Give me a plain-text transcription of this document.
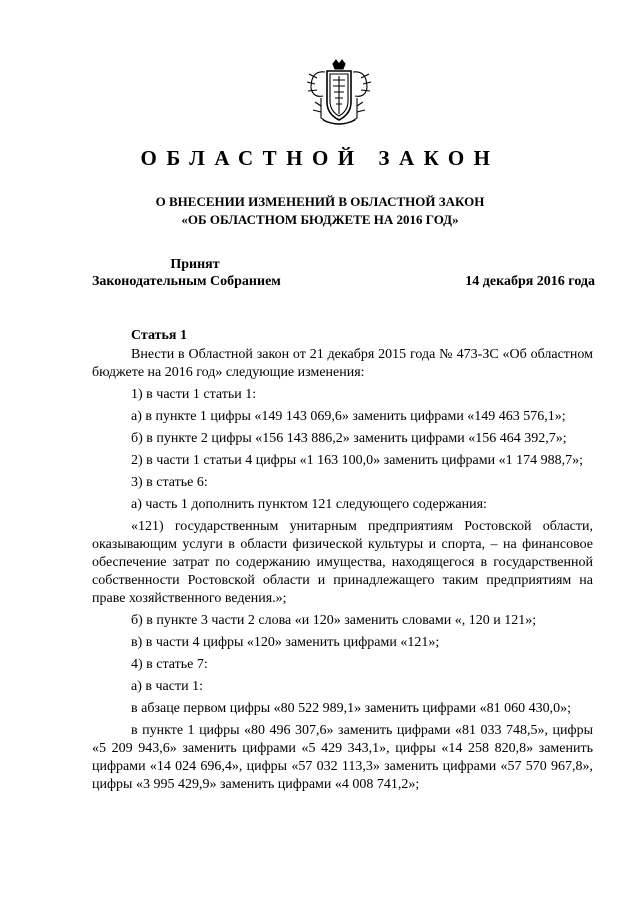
ОБЛАСТНОЙ ЗАКОН
О ВНЕСЕНИИ ИЗМЕНЕНИЙ В ОБЛАСТНОЙ ЗАКОН
«ОБ ОБЛАСТНОМ БЮДЖЕТЕ НА 2016 ГОД»
Принят
Законодательным Собранием	14 декабря 2016 года
Статья 1

Внести в Областной закон от 21 декабря 2015 года № 473-ЗС «Об областном бюджете на 2016 год» следующие изменения:

1) в части 1 статьи 1:

а) в пункте 1 цифры «149 143 069,6» заменить цифрами «149 463 576,1»;

б) в пункте 2 цифры «156 143 886,2» заменить цифрами «156 464 392,7»;

2) в части 1 статьи 4 цифры «1 163 100,0» заменить цифрами «1 174 988,7»;

3) в статье 6:

а) часть 1 дополнить пунктом 121 следующего содержания:

«121) государственным унитарным предприятиям Ростовской области, оказывающим услуги в области физической культуры и спорта, – на финансовое обеспечение затрат по содержанию имущества, находящегося в государственной собственности Ростовской области и принадлежащего таким предприятиям на праве хозяйственного ведения.»;

б) в пункте 3 части 2 слова «и 120» заменить словами «, 120 и 121»;

в) в части 4 цифры «120» заменить цифрами «121»;

4) в статье 7:

а) в части 1:

в абзаце первом цифры «80 522 989,1» заменить цифрами «81 060 430,0»;

в пункте 1 цифры «80 496 307,6» заменить цифрами «81 033 748,5», цифры «5 209 943,6» заменить цифрами «5 429 343,1», цифры «14 258 820,8» заменить цифрами «14 024 696,4», цифры «57 032 113,3» заменить цифрами «57 570 967,8», цифры «3 995 429,9» заменить цифрами «4 008 741,2»;
